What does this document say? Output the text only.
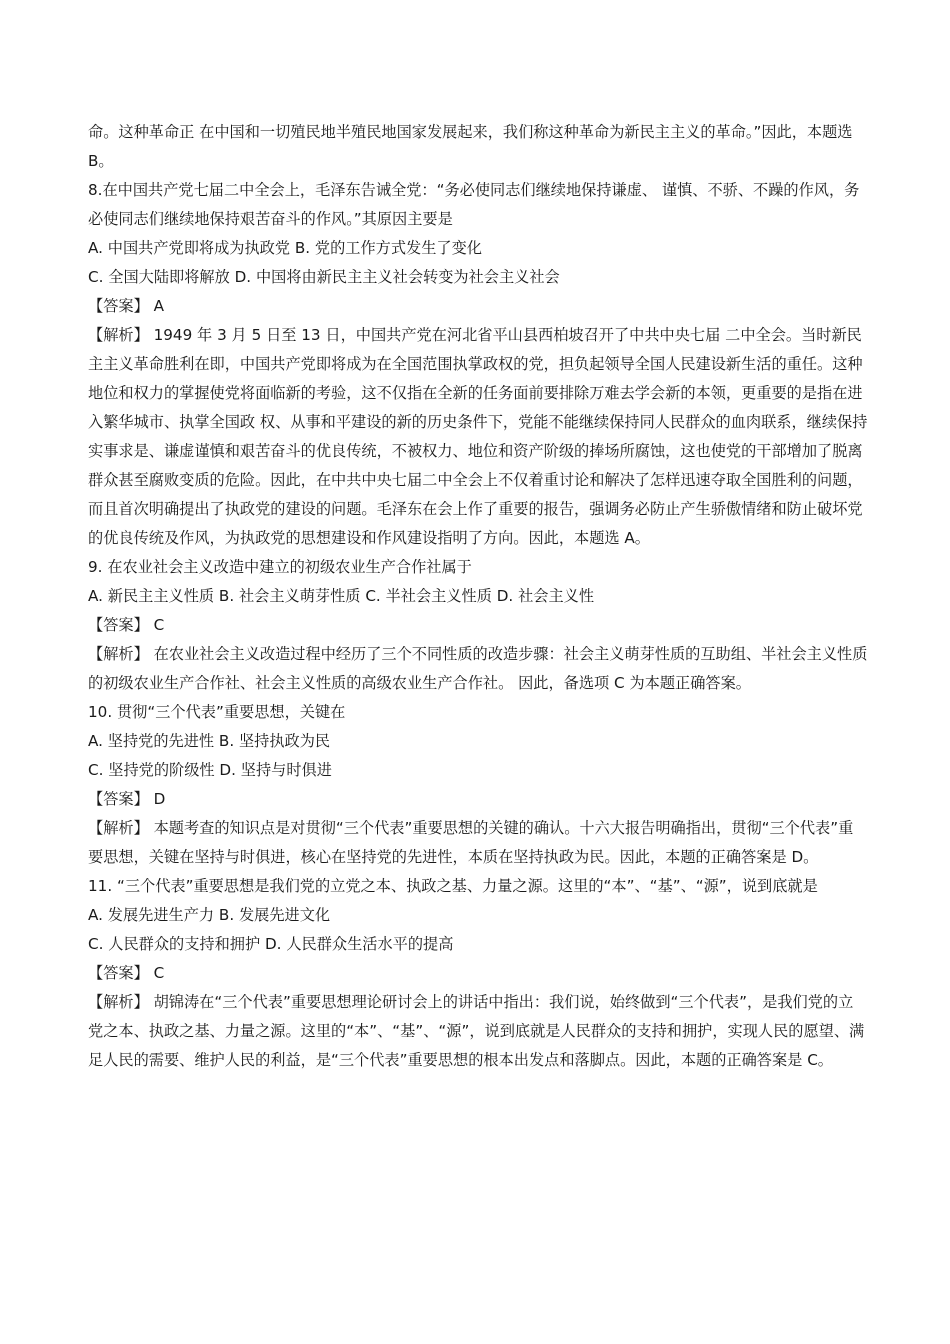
命。这种革命正 在中国和一切殖民地半殖民地国家发展起来，我们称这种革命为新民主主义的革命。”因此，本题选 B。

8.在中国共产党七届二中全会上，毛泽东告诫全党：“务必使同志们继续地保持谦虚、 谨慎、不骄、不躁的作风，务必使同志们继续地保持艰苦奋斗的作风。”其原因主要是

A. 中国共产党即将成为执政党 B. 党的工作方式发生了变化

C. 全国大陆即将解放 D. 中国将由新民主主义社会转变为社会主义社会

【答案】 A

【解析】 1949 年 3 月 5 日至 13 日，中国共产党在河北省平山县西柏坡召开了中共中央七届 二中全会。当时新民主主义革命胜利在即，中国共产党即将成为在全国范围执掌政权的党，担负起领导全国人民建设新生活的重任。这种地位和权力的掌握使党将面临新的考验，这不仅指在全新的任务面前要排除万难去学会新的本领，更重要的是指在进入繁华城市、执掌全国政 权、从事和平建设的新的历史条件下，党能不能继续保持同人民群众的血肉联系，继续保持实事求是、谦虚谨慎和艰苦奋斗的优良传统，不被权力、地位和资产阶级的捧场所腐蚀，这也使党的干部增加了脱离群众甚至腐败变质的危险。因此，在中共中央七届二中全会上不仅着重讨论和解决了怎样迅速夺取全国胜利的问题，而且首次明确提出了执政党的建设的问题。毛泽东在会上作了重要的报告，强调务必防止产生骄傲情绪和防止破坏党的优良传统及作风，为执政党的思想建设和作风建设指明了方向。因此，本题选 A。

9. 在农业社会主义改造中建立的初级农业生产合作社属于

A. 新民主主义性质 B. 社会主义萌芽性质 C. 半社会主义性质 D. 社会主义性

【答案】 C

【解析】 在农业社会主义改造过程中经历了三个不同性质的改造步骤：社会主义萌芽性质的互助组、半社会主义性质的初级农业生产合作社、社会主义性质的高级农业生产合作社。 因此，备选项 C 为本题正确答案。

10. 贯彻“三个代表”重要思想，关键在

A. 坚持党的先进性 B. 坚持执政为民

C. 坚持党的阶级性 D. 坚持与时俱进

【答案】 D

【解析】 本题考查的知识点是对贯彻“三个代表”重要思想的关键的确认。十六大报告明确指出，贯彻“三个代表”重要思想，关键在坚持与时俱进，核心在坚持党的先进性，本质在坚持执政为民。因此，本题的正确答案是 D。

11. “三个代表”重要思想是我们党的立党之本、执政之基、力量之源。这里的“本”、“基”、“源”，说到底就是

A. 发展先进生产力 B. 发展先进文化

C. 人民群众的支持和拥护 D. 人民群众生活水平的提高

【答案】 C

【解析】 胡锦涛在“三个代表”重要思想理论研讨会上的讲话中指出：我们说，始终做到“三个代表”，是我们党的立党之本、执政之基、力量之源。这里的“本”、“基”、“源”，说到底就是人民群众的支持和拥护，实现人民的愿望、满足人民的需要、维护人民的利益，是“三个代表”重要思想的根本出发点和落脚点。因此，本题的正确答案是 C。
